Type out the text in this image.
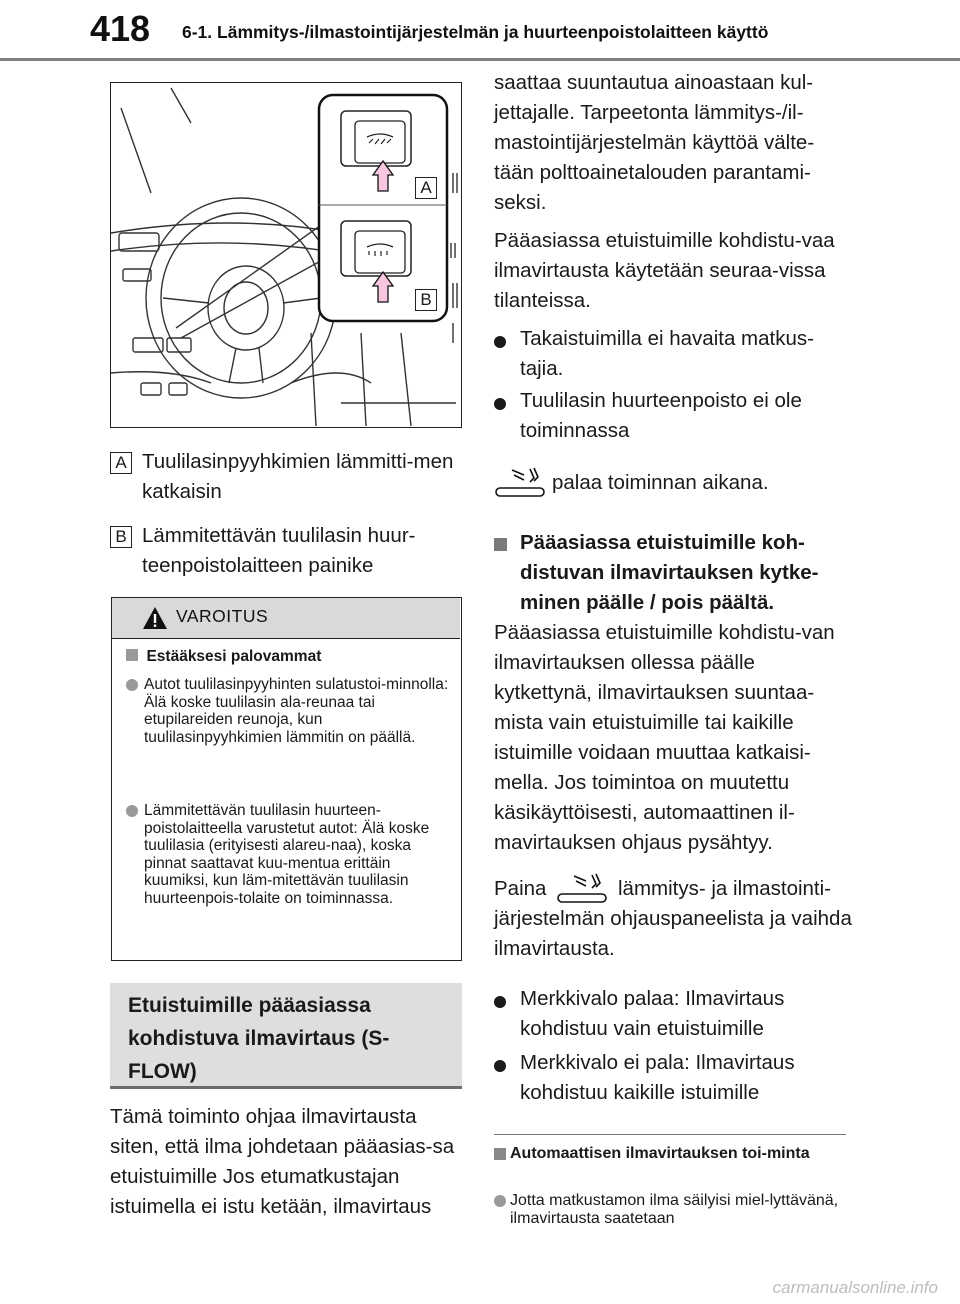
418	6-1. Lämmitys-/ilmastointijärjestelmän ja huurteenpoistolaitteen käyttö
A
B
A Tuulilasinpyyhkimien lämmitti-men katkaisin
B Lämmitettävän tuulilasin huur-teenpoistolaitteen painike
VAROITUS
Estääksesi palovammat
Autot tuulilasinpyyhinten sulatustoi-minnolla: Älä koske tuulilasin ala-reunaa tai etupilareiden reunoja, kun tuulilasinpyyhkimien lämmitin on päällä.
Lämmitettävän tuulilasin huurteen-poistolaitteella varustetut autot: Älä koske tuulilasia (erityisesti alareu-naa), koska pinnat saattavat kuu-mentua erittäin kuumiksi, kun läm-mitettävän tuulilasin huurteenpois-tolaite on toiminnassa.
Etuistuimille pääasiassa kohdistuva ilmavirtaus (S-FLOW)
Tämä toiminto ohjaa ilmavirtausta siten, että ilma johdetaan pääasias-sa etuistuimille Jos etumatkustajan istuimella ei istu ketään, ilmavirtaus
saattaa suuntautua ainoastaan kul-jettajalle. Tarpeetonta lämmitys-/il-mastointijärjestelmän käyttöä välte-tään polttoainetalouden parantami-seksi.
Pääasiassa etuistuimille kohdistu-vaa ilmavirtausta käytetään seuraa-vissa tilanteissa.
Takaistuimilla ei havaita matkus-tajia.
Tuulilasin huurteenpoisto ei ole toiminnassa
palaa toiminnan aikana.
Pääasiassa etuistuimille koh-distuvan ilmavirtauksen kytke-minen päälle / pois päältä.
Pääasiassa etuistuimille kohdistu-van ilmavirtauksen ollessa päälle kytkettynä, ilmavirtauksen suuntaa-mista vain etuistuimille tai kaikille istuimille voidaan muuttaa katkaisi-mella. Jos toimintoa on muutettu käsikäyttöisesti, automaattinen il-mavirtauksen ohjaus pysähtyy.
Paina	lämmitys- ja ilmastointi-järjestelmän ohjauspaneelista ja vaihda ilmavirtausta.
Merkkivalo palaa: Ilmavirtaus kohdistuu vain etuistuimille
Merkkivalo ei pala: Ilmavirtaus kohdistuu kaikille istuimille
Automaattisen ilmavirtauksen toi-minta
Jotta matkustamon ilma säilyisi miel-lyttävänä, ilmavirtausta saatetaan
carmanualsonline.info
